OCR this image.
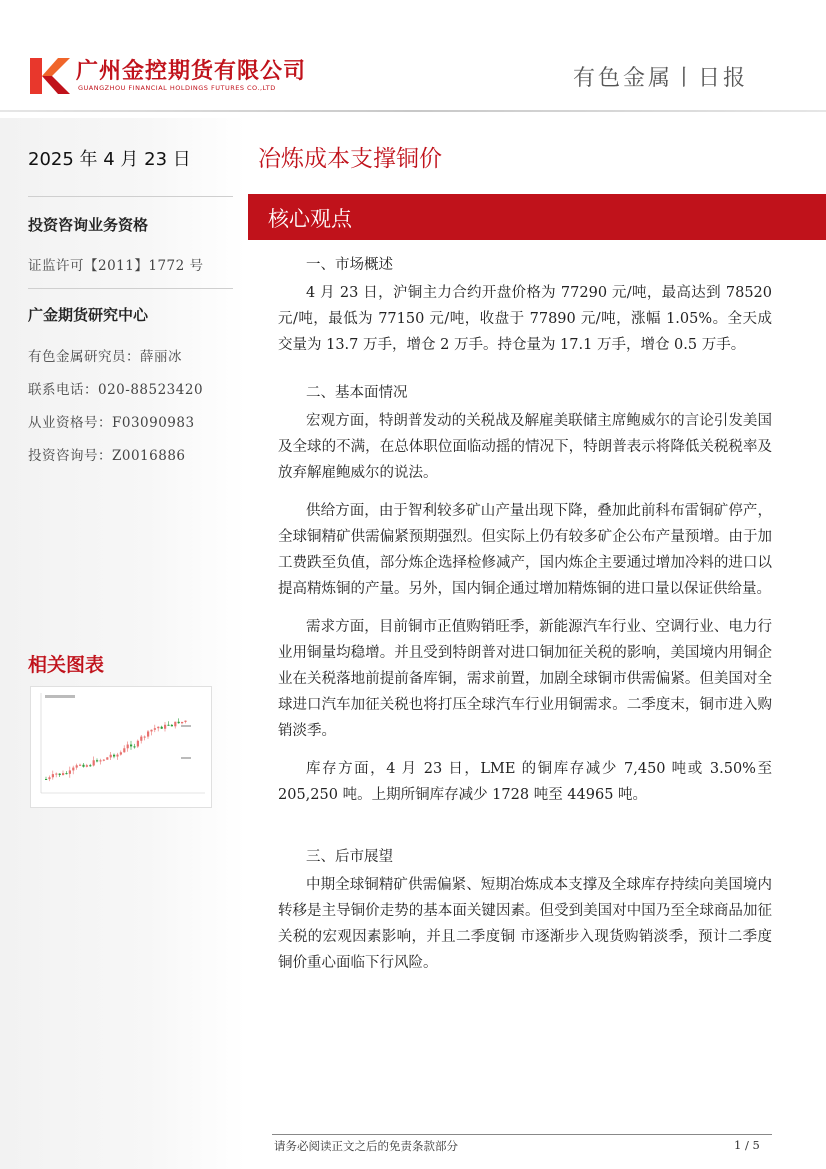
广州金控期货有限公司
GUANGZHOU FINANCIAL HOLDINGS FUTURES CO.,LTD	有色金属丨日报
2025 年 4 月 23 日
投资咨询业务资格
证监许可【2011】1772 号
广金期货研究中心
有色金属研究员：薛丽冰
联系电话：020-88523420
从业资格号：F03090983
投资咨询号：Z0016886
相关图表
冶炼成本支撑铜价
核心观点

一、市场概述

4 月 23 日，沪铜主力合约开盘价格为 77290 元/吨，最高达到 78520 元/吨，最低为 77150 元/吨，收盘于 77890 元/吨，涨幅 1.05%。全天成交量为 13.7 万手，增仓 2 万手。持仓量为 17.1 万手，增仓 0.5 万手。

二、基本面情况

宏观方面，特朗普发动的关税战及解雇美联储主席鲍威尔的言论引发美国及全球的不满，在总体职位面临动摇的情况下，特朗普表示将降低关税税率及放弃解雇鲍威尔的说法。

供给方面，由于智利较多矿山产量出现下降，叠加此前科布雷铜矿停产，全球铜精矿供需偏紧预期强烈。但实际上仍有较多矿企公布产量预增。由于加工费跌至负值，部分炼企选择检修减产，国内炼企主要通过增加冷料的进口以提高精炼铜的产量。另外，国内铜企通过增加精炼铜的进口量以保证供给量。

需求方面，目前铜市正值购销旺季，新能源汽车行业、空调行业、电力行业用铜量均稳增。并且受到特朗普对进口铜加征关税的影响，美国境内用铜企业在关税落地前提前备库铜，需求前置，加剧全球铜市供需偏紧。但美国对全球进口汽车加征关税也将打压全球汽车行业用铜需求。二季度末，铜市进入购销淡季。

库存方面，4 月 23 日，LME 的铜库存减少 7,450 吨或 3.50%至 205,250 吨。上期所铜库存减少 1728 吨至 44965 吨。

三、后市展望

中期全球铜精矿供需偏紧、短期冶炼成本支撑及全球库存持续向美国境内转移是主导铜价走势的基本面关键因素。但受到美国对中国乃至全球商品加征关税的宏观因素影响，并且二季度铜 市逐渐步入现货购销淡季，预计二季度铜价重心面临下行风险。

请务必阅读正文之后的免责条款部分	1 / 5
